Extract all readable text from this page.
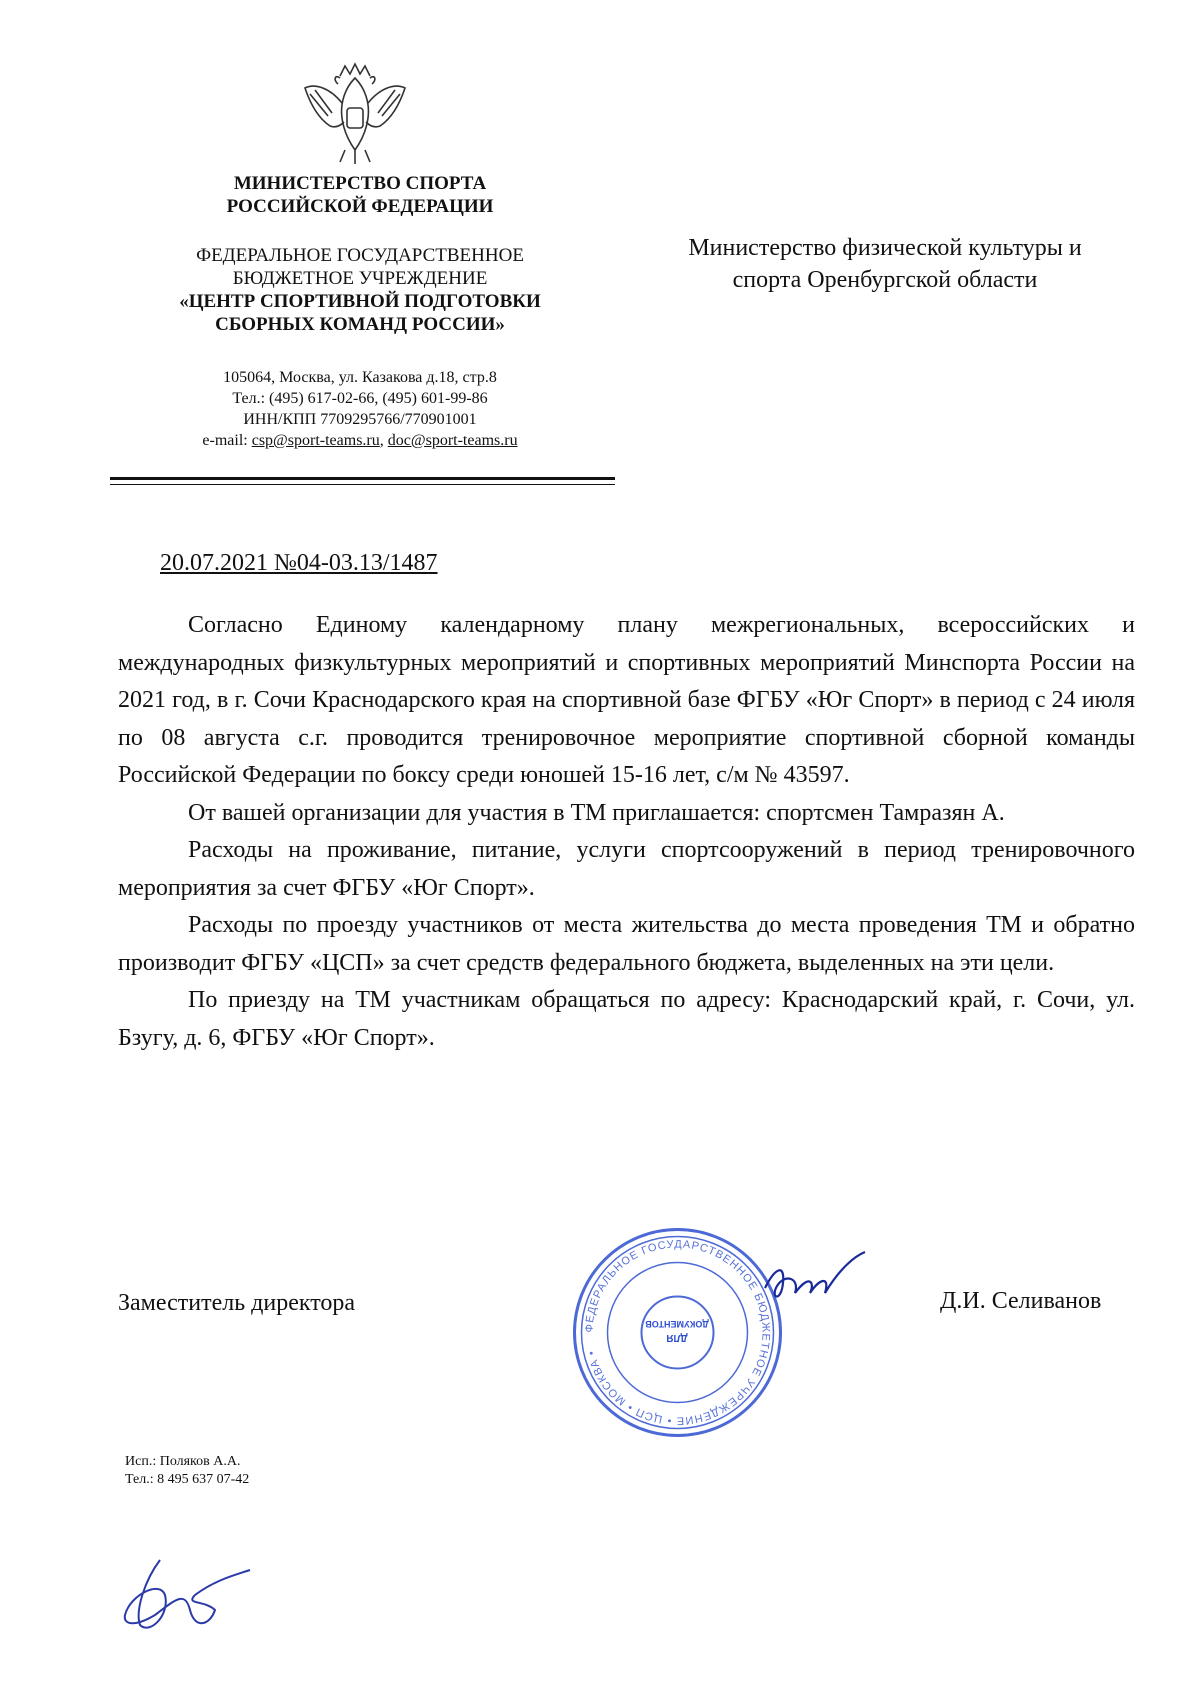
МИНИСТЕРСТВО СПОРТА
РОССИЙСКОЙ ФЕДЕРАЦИИ
ФЕДЕРАЛЬНОЕ ГОСУДАРСТВЕННОЕ
БЮДЖЕТНОЕ УЧРЕЖДЕНИЕ
«ЦЕНТР СПОРТИВНОЙ ПОДГОТОВКИ
СБОРНЫХ КОМАНД РОССИИ»
105064, Москва, ул. Казакова д.18, стр.8
Тел.: (495) 617-02-66, (495) 601-99-86
ИНН/КПП 7709295766/770901001
e-mail: csp@sport-teams.ru, doc@sport-teams.ru
Министерство физической культуры и
спорта Оренбургской области
20.07.2021 №04-03.13/1487

Согласно Единому календарному плану межрегиональных, всероссийских и международных физкультурных мероприятий и спортивных мероприятий Минспорта России на 2021 год, в г. Сочи Краснодарского края на спортивной базе ФГБУ «Юг Спорт» в период с 24 июля по 08 августа с.г. проводится тренировочное мероприятие спортивной сборной команды Российской Федерации по боксу среди юношей 15-16 лет, с/м № 43597.

От вашей организации для участия в ТМ приглашается: спортсмен Тамразян А.

Расходы на проживание, питание, услуги спортсооружений в период тренировочного мероприятия за счет ФГБУ «Юг Спорт».

Расходы по проезду участников от места жительства до места проведения ТМ и обратно производит ФГБУ «ЦСП» за счет средств федерального бюджета, выделенных на эти цели.

По приезду на ТМ участникам обращаться по адресу: Краснодарский край, г. Сочи, ул. Бзугу, д. 6, ФГБУ «Юг Спорт».

Заместитель директора	Д.И. Селиванов
ФЕДЕРАЛЬНОЕ ГОСУДАРСТВЕННОЕ БЮДЖЕТНОЕ УЧРЕЖДЕНИЕ • ЦСП • МОСКВА •
ДЛЯ
ДОКУМЕНТОВ
Исп.: Поляков А.А.
Тел.: 8 495 637 07-42
